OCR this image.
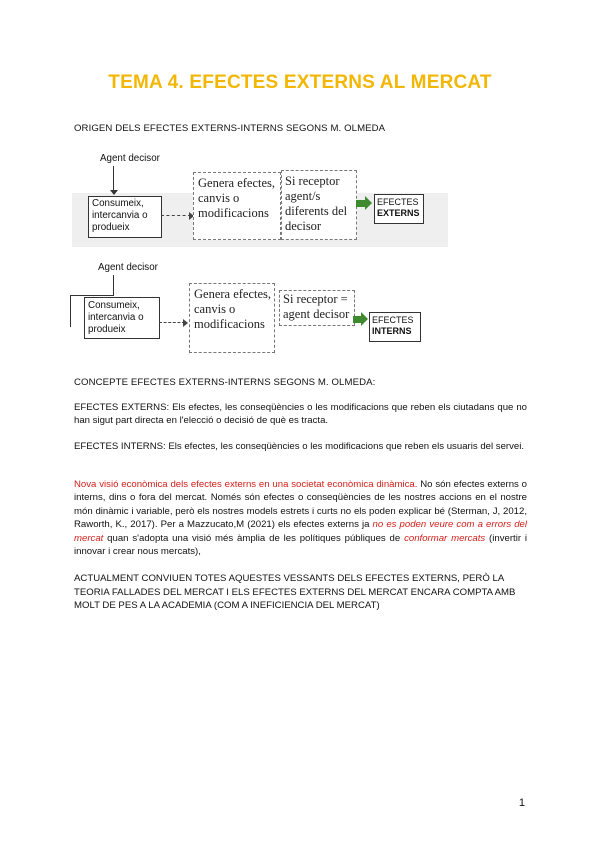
TEMA 4. EFECTES EXTERNS AL MERCAT
ORIGEN DELS EFECTES EXTERNS-INTERNS SEGONS M. OLMEDA
Agent decisor
Consumeix, intercanvia o produeix
Genera efectes, canvis o modificacions
Si receptor agent/s diferents del decisor
EFECTES
EXTERNS
Agent decisor
Consumeix, intercanvia o produeix
Genera efectes, canvis o modificacions
Si receptor = agent decisor	EFECTES
INTERNS
CONCEPTE EFECTES EXTERNS-INTERNS SEGONS M. OLMEDA:
EFECTES EXTERNS: Els efectes, les conseqüències o les modificacions que reben els ciutadans que no han sigut part directa en l'elecció o decisió de què es tracta.
EFECTES INTERNS: Els efectes, les conseqüències o les modificacions que reben els usuaris del servei.
Nova visió econòmica dels efectes externs en una societat econòmica dinàmica. No són efectes externs o interns, dins o fora del mercat. Només són efectes o conseqüències de les nostres accions en el nostre món dinàmic i variable, però els nostres models estrets i curts no els poden explicar bé (Sterman, J, 2012, Raworth, K., 2017). Per a Mazzucato,M (2021) els efectes externs ja no es poden veure com a errors del mercat quan s'adopta una visió més àmplia de les polítiques públiques de conformar mercats (invertir i innovar i crear nous mercats),
ACTUALMENT CONVIUEN TOTES AQUESTES VESSANTS DELS EFECTES EXTERNS, PERÒ LA TEORIA FALLADES DEL MERCAT I ELS EFECTES EXTERNS DEL MERCAT ENCARA COMPTA AMB MOLT DE PES A LA ACADEMIA (COM A INEFICIENCIA DEL MERCAT)
1
